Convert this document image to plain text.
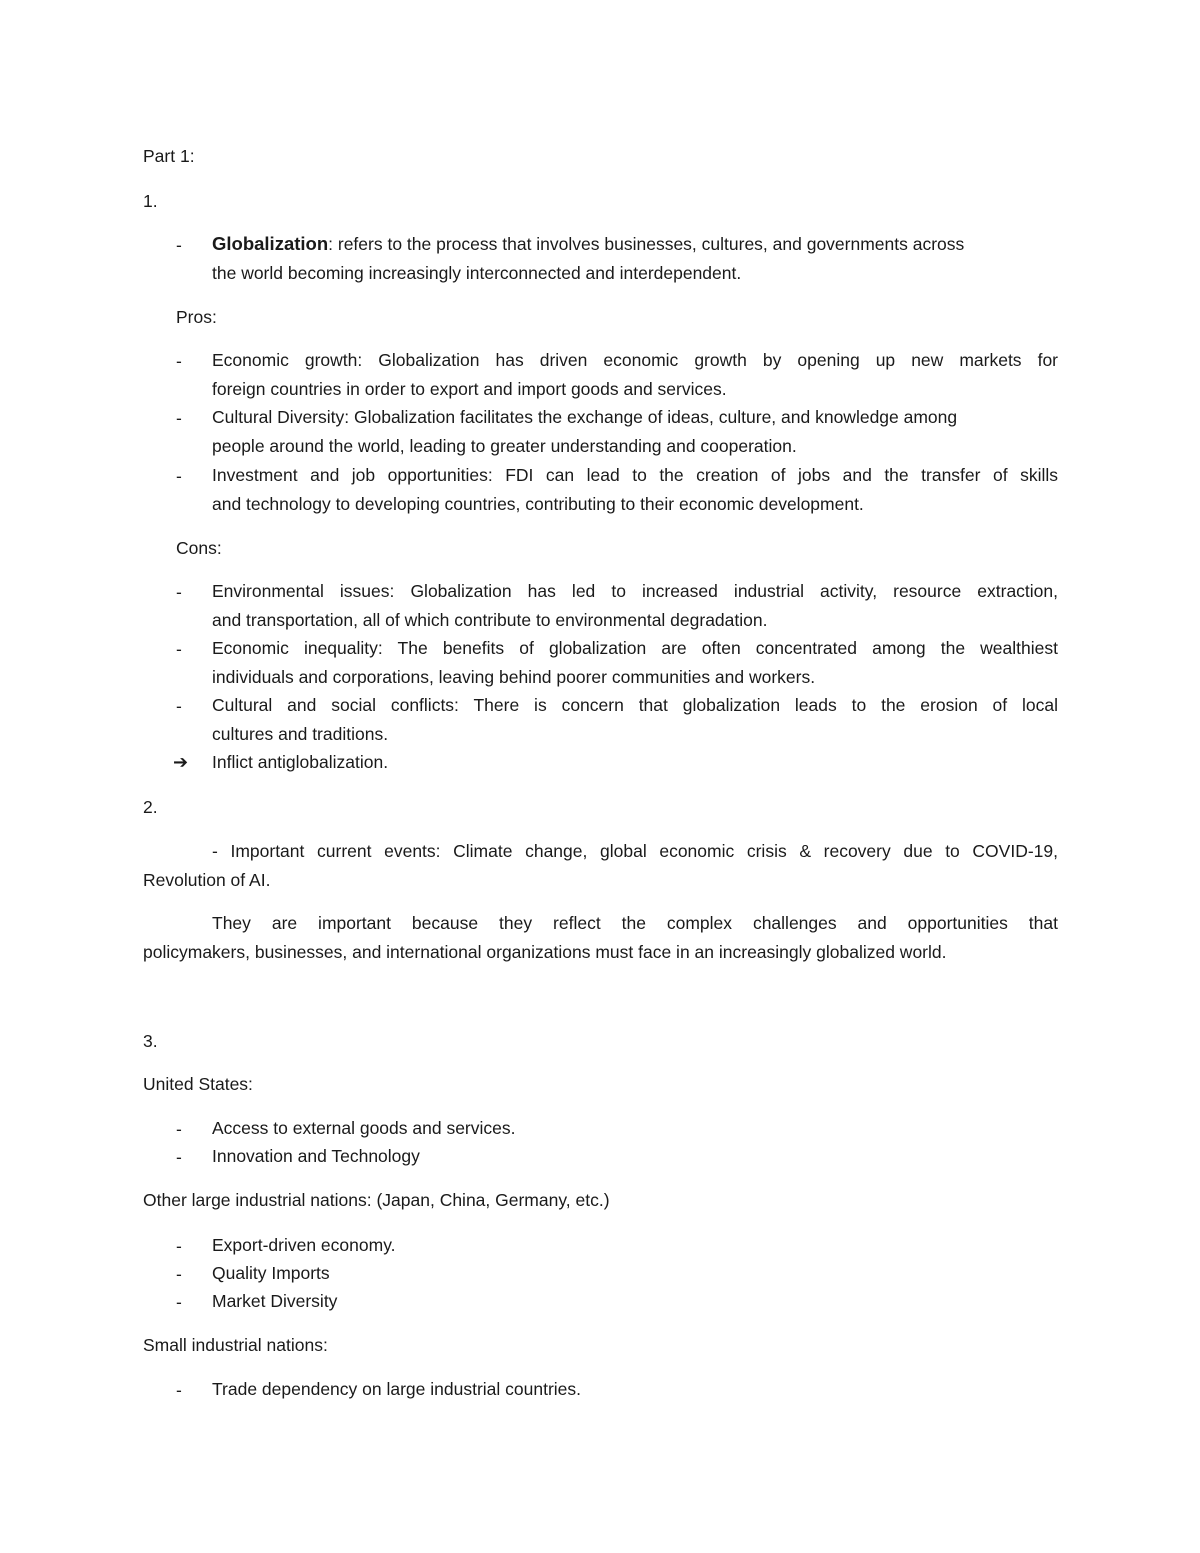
Part 1:
1.
- Globalization: refers to the process that involves businesses, cultures, and governments across
the world becoming increasingly interconnected and interdependent.
Pros:
- Economic growth: Globalization has driven economic growth by opening up new markets for
foreign countries in order to export and import goods and services.
- Cultural Diversity: Globalization facilitates the exchange of ideas, culture, and knowledge among
people around the world, leading to greater understanding and cooperation.
- Investment and job opportunities: FDI can lead to the creation of jobs and the transfer of skills
and technology to developing countries, contributing to their economic development.
Cons:
- Environmental issues: Globalization has led to increased industrial activity, resource extraction,
and transportation, all of which contribute to environmental degradation.
- Economic inequality: The benefits of globalization are often concentrated among the wealthiest
individuals and corporations, leaving behind poorer communities and workers.
- Cultural and social conflicts: There is concern that globalization leads to the erosion of local
cultures and traditions.
➔ Inflict antiglobalization.
2.
- Important current events: Climate change, global economic crisis & recovery due to COVID-19,
Revolution of AI.
They are important because they reflect the complex challenges and opportunities that
policymakers, businesses, and international organizations must face in an increasingly globalized world.
3.
United States:
- Access to external goods and services.
- Innovation and Technology
Other large industrial nations: (Japan, China, Germany, etc.)
- Export-driven economy.
- Quality Imports
- Market Diversity
Small industrial nations:
- Trade dependency on large industrial countries.
